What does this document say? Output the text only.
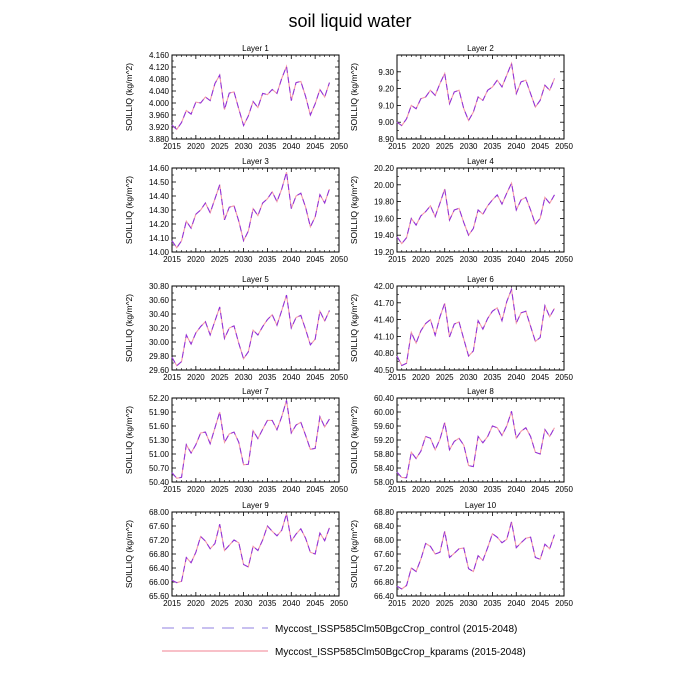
soil liquid water
Layer 1
SOILLIQ (kg/m^2)
2015 2020 2025 2030 2035 2040 2045 2050
3.880
3.920
3.960
4.000
4.040
4.080
4.120
4.160
Layer 2
SOILLIQ (kg/m^2)
2015 2020 2025 2030 2035 2040 2045 2050
8.90
9.00
9.10
9.20
9.30
Layer 3
SOILLIQ (kg/m^2)
2015 2020 2025 2030 2035 2040 2045 2050
14.00
14.10
14.20
14.30
14.40
14.50
14.60
Layer 4
SOILLIQ (kg/m^2)
2015 2020 2025 2030 2035 2040 2045 2050
19.20
19.40
19.60
19.80
20.00
20.20
Layer 5
SOILLIQ (kg/m^2)
2015 2020 2025 2030 2035 2040 2045 2050
29.60
29.80
30.00
30.20
30.40
30.60
30.80
Layer 6
SOILLIQ (kg/m^2)
2015 2020 2025 2030 2035 2040 2045 2050
40.50
40.80
41.10
41.40
41.70
42.00
Layer 7
SOILLIQ (kg/m^2)
2015 2020 2025 2030 2035 2040 2045 2050
50.40
50.70
51.00
51.30
51.60
51.90
52.20
Layer 8
SOILLIQ (kg/m^2)
2015 2020 2025 2030 2035 2040 2045 2050
58.00
58.40
58.80
59.20
59.60
60.00
60.40
Layer 9
SOILLIQ (kg/m^2)
2015 2020 2025 2030 2035 2040 2045 2050
65.60
66.00
66.40
66.80
67.20
67.60
68.00
Layer 10
SOILLIQ (kg/m^2)
2015 2020 2025 2030 2035 2040 2045 2050
66.40
66.80
67.20
67.60
68.00
68.40
68.80
Myccost_ISSP585Clm50BgcCrop_control (2015-2048)
Myccost_ISSP585Clm50BgcCrop_kparams (2015-2048)
